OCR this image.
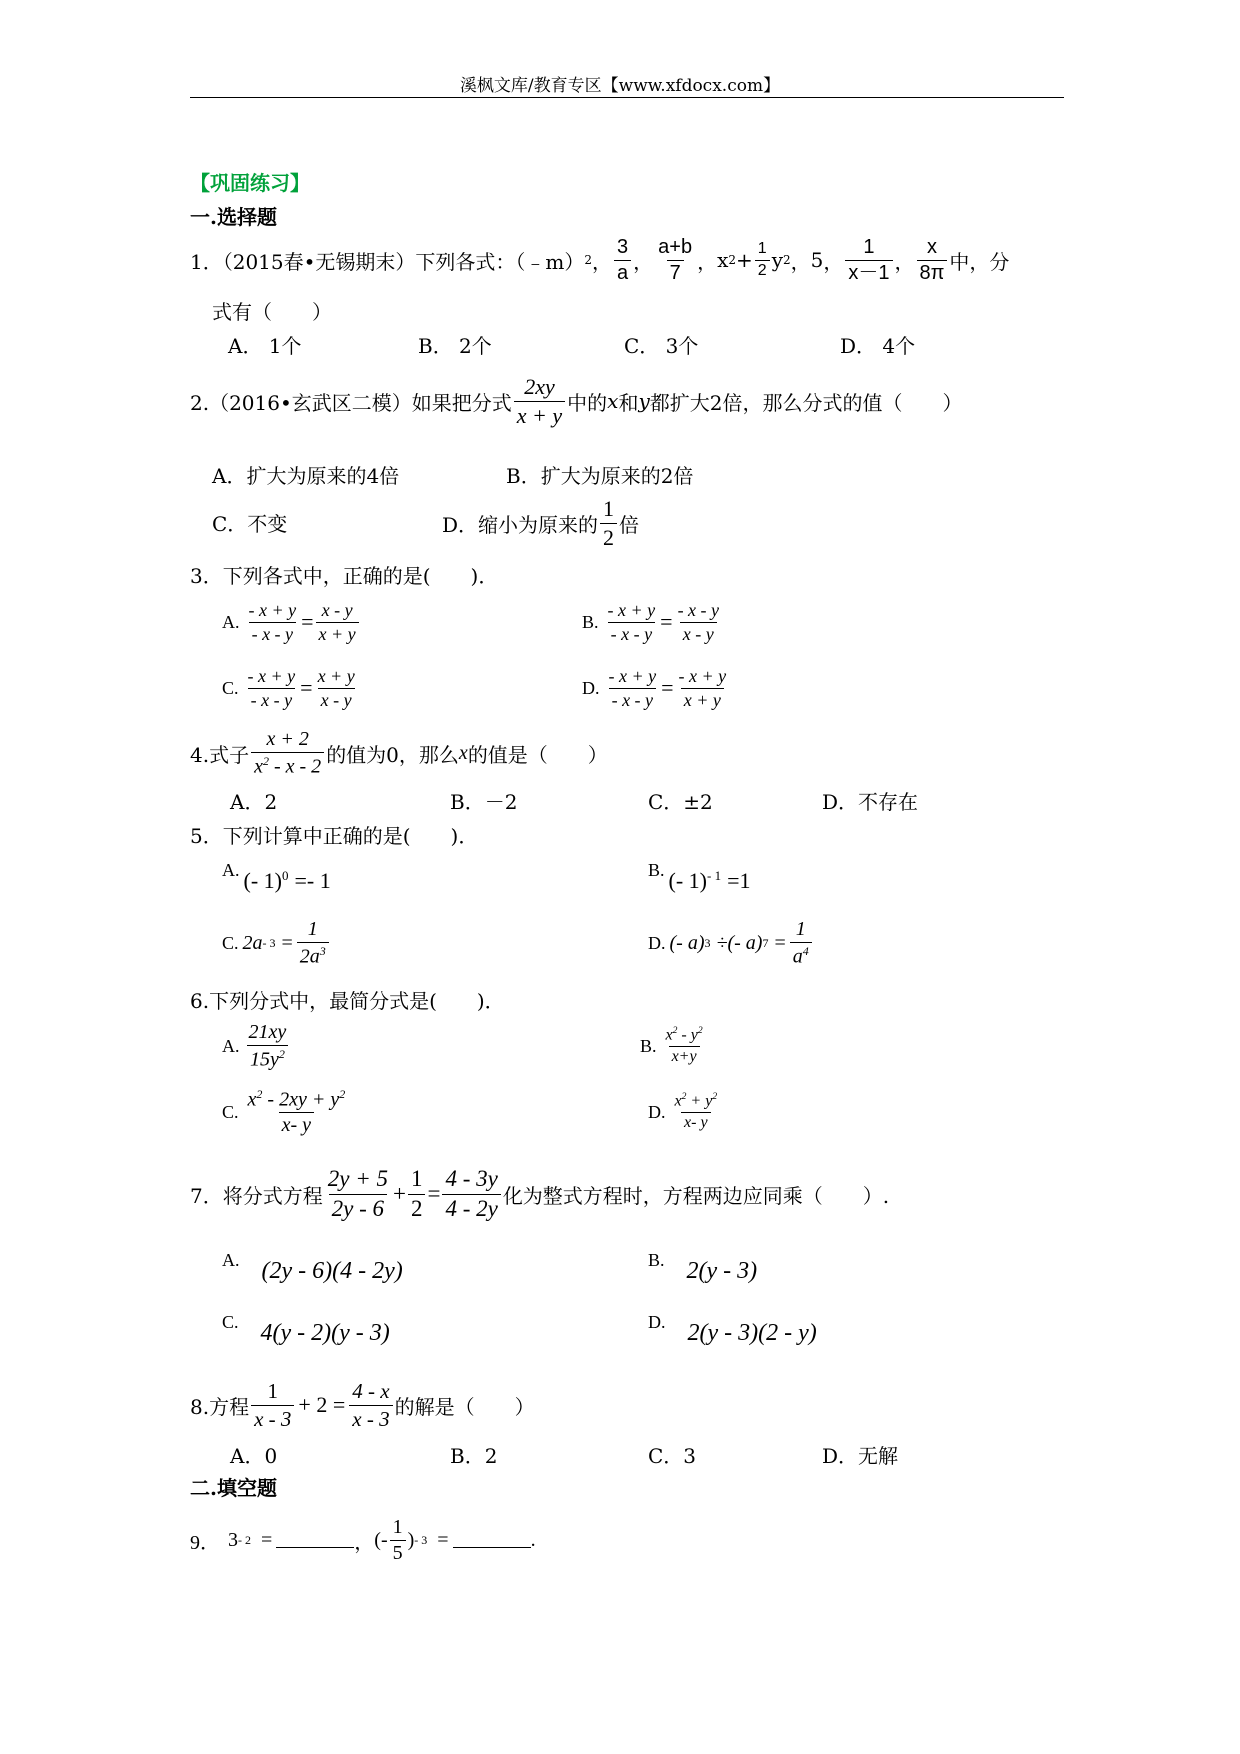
溪枫文库/教育专区【www.xfdocx.com】
【巩固练习】
一.选择题
1．（2015春•无锡期末）下列各式：（﹣m） 2 ， $\frac{3}{a}$ ， $\frac{a+b}{7}$ ， x $2 + \frac{1}{2}$ y 2 ， 5 ， $\frac{1}{x-1}$ ， $\frac{x}{8\pi}$ 中，分
式有（　　）
A． 1个	B． 2个	C． 3个	D． 4个
2.（2016•玄武区二模）如果把分式 $\frac{2xy}{x + y}$ 中的 x 和 y 都扩大2倍，那么分式的值（　　）
A．扩大为原来的4倍	B．扩大为原来的2倍
C．不变	D．缩小为原来的 $\frac{1}{2}$ 倍
3．下列各式中，正确的是(　　)．
A. $\frac{- x + y}{- x - y} = \frac{x - y}{x + y}$	B. $\frac{- x + y}{- x - y} = \frac{- x - y}{x - y}$
C. $\frac{- x + y}{- x - y} = \frac{x + y}{x - y}$	D. $\frac{- x + y}{- x - y} = \frac{- x + y}{x + y}$
4.式子 $\frac{x + 2}{x^2 - x - 2}$ 的值为0，那么 x 的值是（　　）
A．2	B．－2	C．±2	D．不存在
5．下列计算中正确的是(　　)．
A. (- 1)$^0$ =- 1	B. (- 1)$^{- 1}$ =1
C. $2a - 3 = \frac{1}{2a^3}$	D. (- a) 3 ÷(- a) $7 = \frac{1}{a^4}$
6.下列分式中，最简分式是(　　)．
A. $\frac{21xy}{15y^2}$	B. $\frac{x^2 - y^2}{x+y}$
C. $\frac{x^2 - 2xy + y^2}{x- y}$	D. $\frac{x^2 + y^2}{x- y}$
7．将分式方程 $\frac{2y + 5}{2y - 6} + \frac{1}{2} = \frac{4 - 3y}{4 - 2y}$ 化为整式方程时，方程两边应同乘（　　）.
A. (2y - 6)(4 - 2y)	B. 2(y - 3)
C. 4(y - 2)(y - 3)	D. 2(y - 3)(2 - y)
8.方程 $\frac{1}{x - 3} + 2 = \frac{4 - x}{x - 3}$ 的解是（　　）
A．0	B．2	C．3	D．无解
二.填空题
9． 3 - 2 =	， (- $\frac{1}{5}$ ) - 3 =	.
